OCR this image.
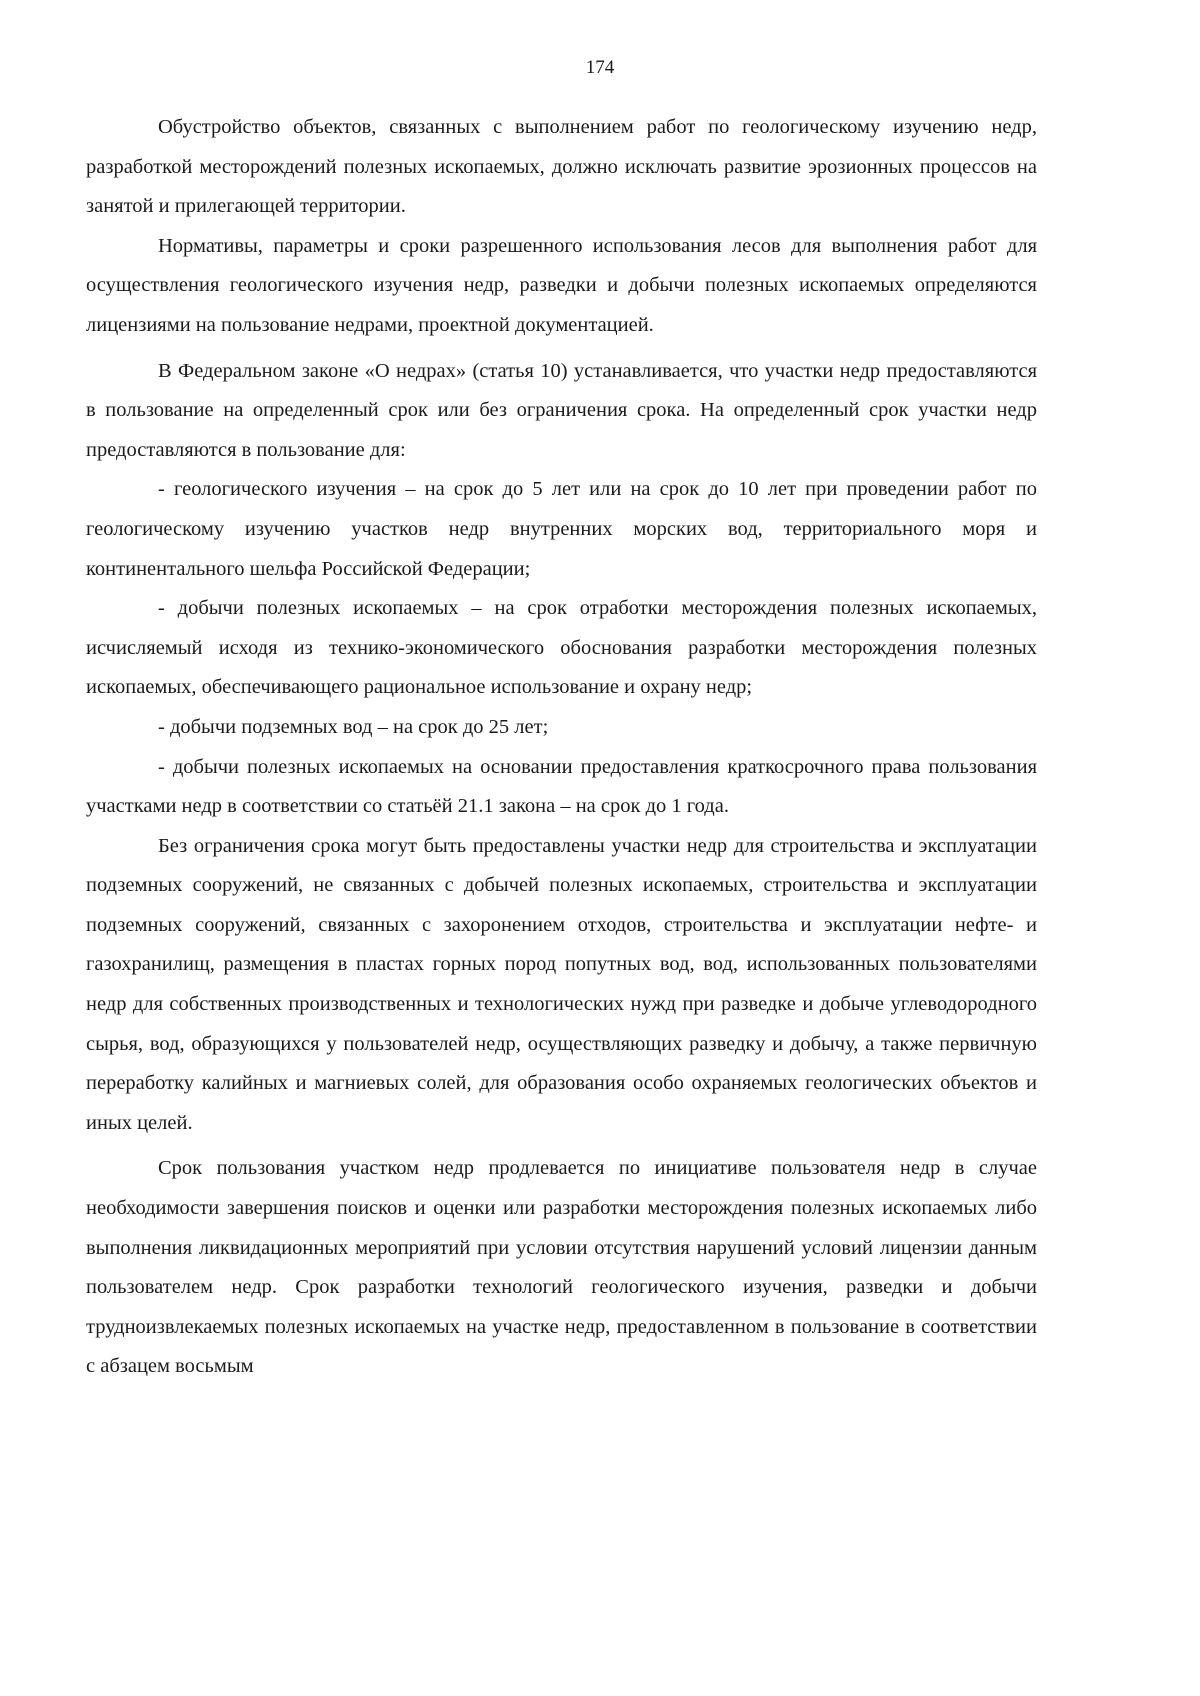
174

Обустройство объектов, связанных с выполнением работ по геологическому изучению недр, разработкой месторождений полезных ископаемых, должно исключать развитие эрозионных процессов на занятой и прилегающей территории.

Нормативы, параметры и сроки разрешенного использования лесов для выполнения работ для осуществления геологического изучения недр, разведки и добычи полезных ископаемых определяются лицензиями на пользование недрами, проектной документацией.

В Федеральном законе «О недрах» (статья 10) устанавливается, что участки недр предоставляются в пользование на определенный срок или без ограничения срока. На определенный срок участки недр предоставляются в пользование для:

- геологического изучения – на срок до 5 лет или на срок до 10 лет при проведении работ по геологическому изучению участков недр внутренних морских вод, территориального моря и континентального шельфа Российской Федерации;

- добычи полезных ископаемых – на срок отработки месторождения полезных ископаемых, исчисляемый исходя из технико-экономического обоснования разработки месторождения полезных ископаемых, обеспечивающего рациональное использование и охрану недр;

- добычи подземных вод – на срок до 25 лет;

- добычи полезных ископаемых на основании предоставления краткосрочного права пользования участками недр в соответствии со статьёй 21.1 закона – на срок до 1 года.

Без ограничения срока могут быть предоставлены участки недр для строительства и эксплуатации подземных сооружений, не связанных с добычей полезных ископаемых, строительства и эксплуатации подземных сооружений, связанных с захоронением отходов, строительства и эксплуатации нефте- и газохранилищ, размещения в пластах горных пород попутных вод, вод, использованных пользователями недр для собственных производственных и технологических нужд при разведке и добыче углеводородного сырья, вод, образующихся у пользователей недр, осуществляющих разведку и добычу, а также первичную переработку калийных и магниевых солей, для образования особо охраняемых геологических объектов и иных целей.

Срок пользования участком недр продлевается по инициативе пользователя недр в случае необходимости завершения поисков и оценки или разработки месторождения полезных ископаемых либо выполнения ликвидационных мероприятий при условии отсутствия нарушений условий лицензии данным пользователем недр. Срок разработки технологий геологического изучения, разведки и добычи трудноизвлекаемых полезных ископаемых на участке недр, предоставленном в пользование в соответствии с абзацем восьмым
